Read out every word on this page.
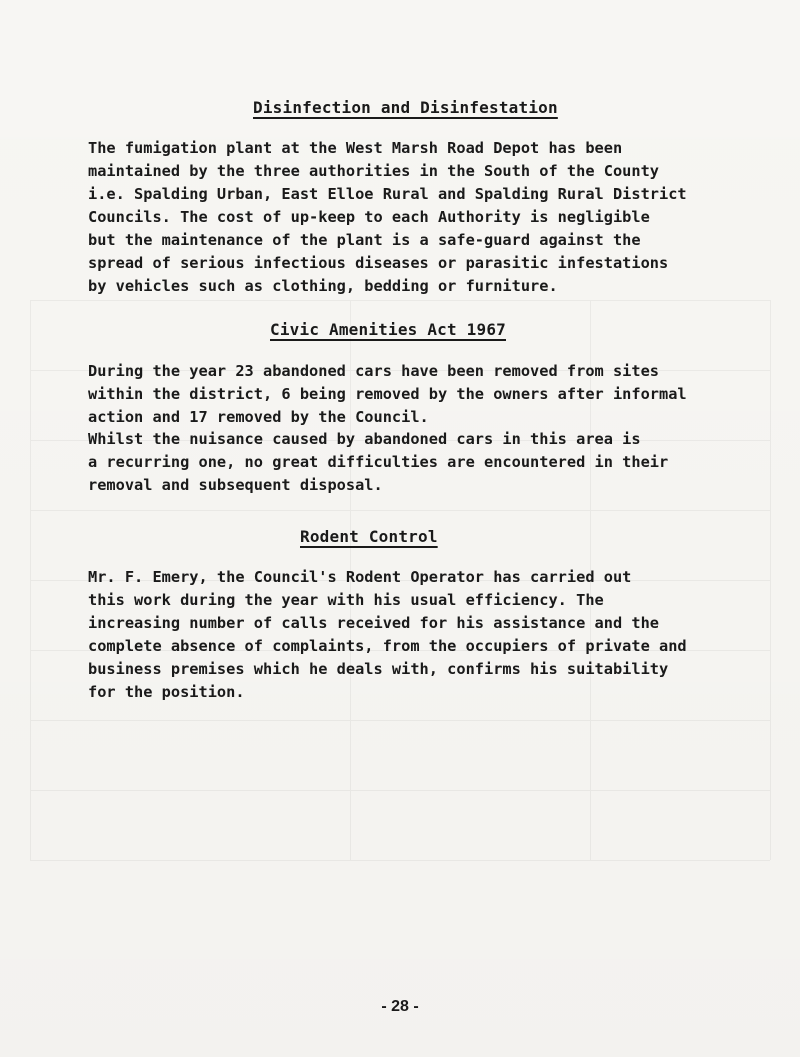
Disinfection and Disinfestation

The fumigation plant at the West Marsh Road Depot has been
maintained by the three authorities in the South of the County
i.e. Spalding Urban, East Elloe Rural and Spalding Rural District
Councils. The cost of up-keep to each Authority is negligible
but the maintenance of the plant is a safe-guard against the
spread of serious infectious diseases or parasitic infestations
by vehicles such as clothing, bedding or furniture.

Civic Amenities Act 1967

During the year 23 abandoned cars have been removed from sites
within the district, 6 being removed by the owners after informal
action and 17 removed by the Council.

Whilst the nuisance caused by abandoned cars in this area is
a recurring one, no great difficulties are encountered in their
removal and subsequent disposal.

Rodent Control

Mr. F. Emery, the Council's Rodent Operator has carried out
this work during the year with his usual efficiency. The
increasing number of calls received for his assistance and the
complete absence of complaints, from the occupiers of private and
business premises which he deals with, confirms his suitability
for the position.

- 28 -
